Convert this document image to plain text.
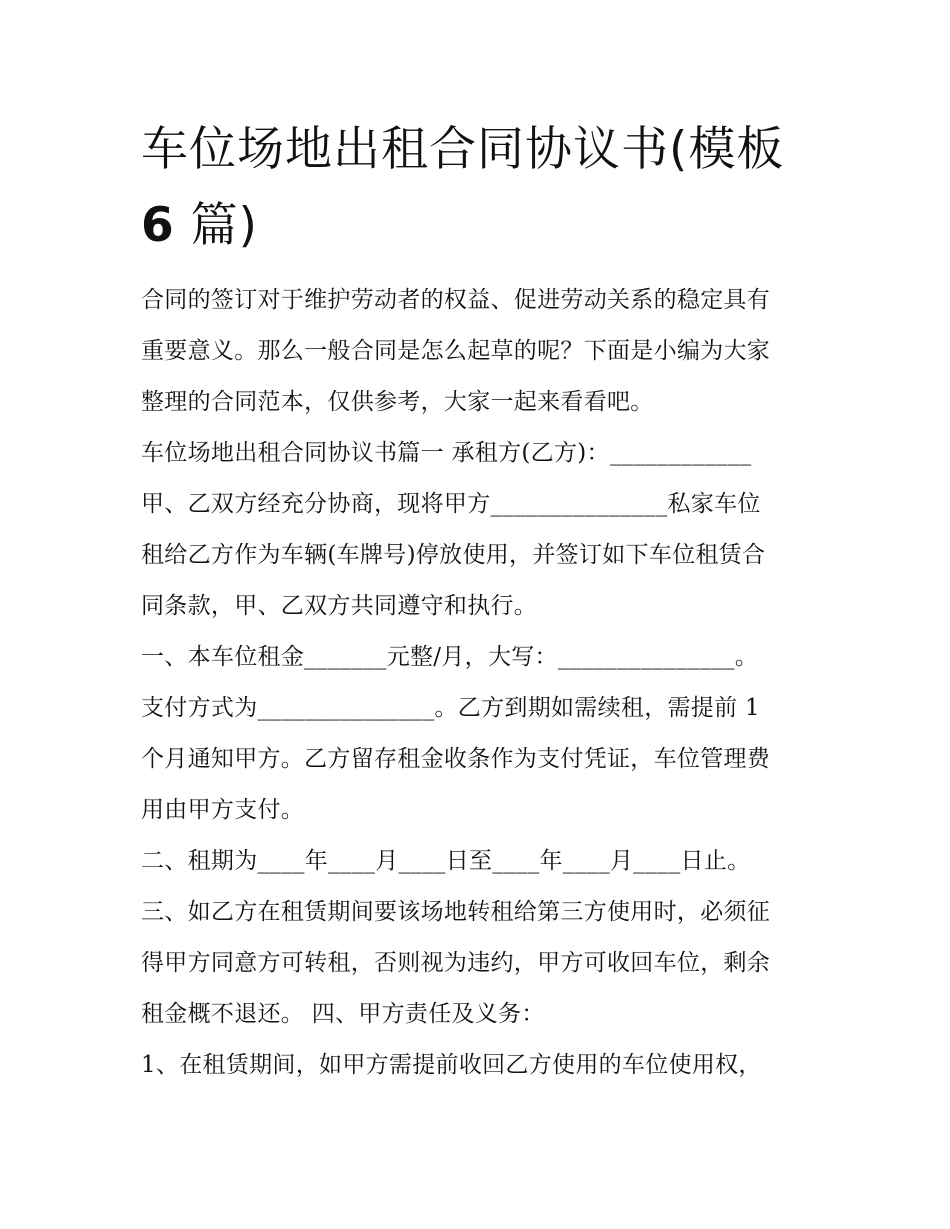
车位场地出租合同协议书(模板
6 篇)
合同的签订对于维护劳动者的权益、促进劳动关系的稳定具有
重要意义。那么一般合同是怎么起草的呢？下面是小编为大家
整理的合同范本，仅供参考，大家一起来看看吧。
车位场地出租合同协议书篇一 承租方(乙方)：____________
甲、乙双方经充分协商，现将甲方_______________私家车位
租给乙方作为车辆(车牌号)停放使用，并签订如下车位租赁合
同条款，甲、乙双方共同遵守和执行。
一、本车位租金_______元整/月，大写：_______________。
支付方式为_______________。乙方到期如需续租，需提前 1
个月通知甲方。乙方留存租金收条作为支付凭证，车位管理费
用由甲方支付。
二、租期为____年____月____日至____年____月____日止。
三、如乙方在租赁期间要该场地转租给第三方使用时，必须征
得甲方同意方可转租，否则视为违约，甲方可收回车位，剩余
租金概不退还。 四、甲方责任及义务：
1、在租赁期间，如甲方需提前收回乙方使用的车位使用权，
